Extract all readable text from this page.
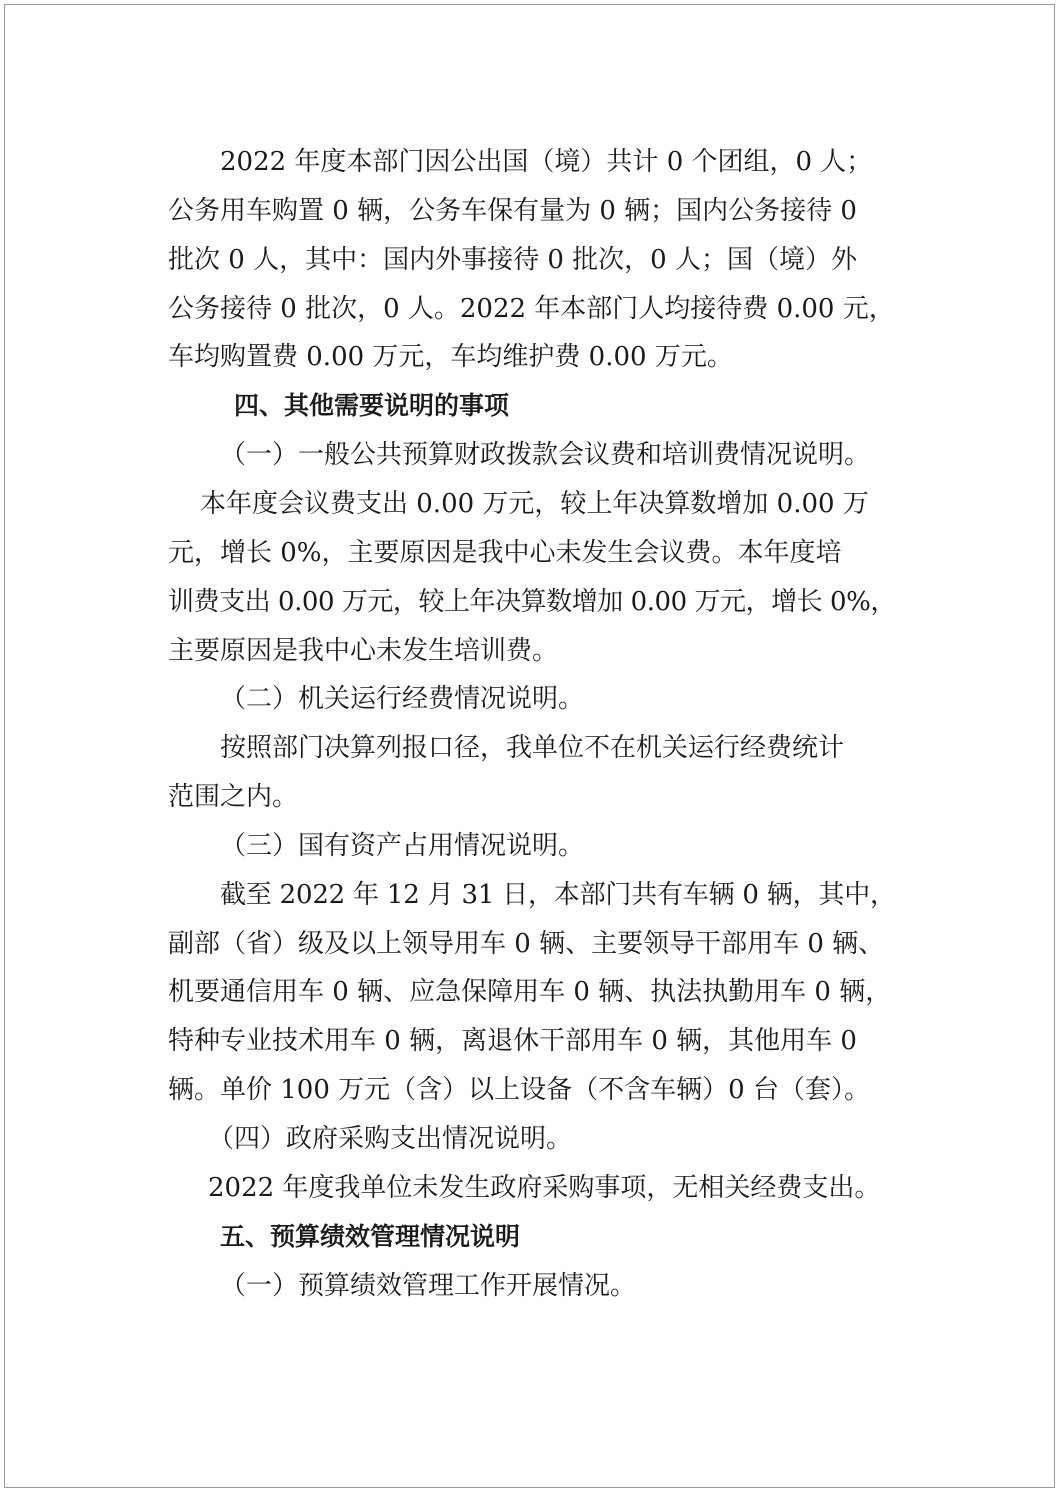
2022 年度本部门因公出国（境）共计 0 个团组，0 人；
公务用车购置 0 辆，公务车保有量为 0 辆；国内公务接待 0
批次 0 人，其中：国内外事接待 0 批次，0 人；国（境）外
公务接待 0 批次，0 人。2022 年本部门人均接待费 0.00 元，
车均购置费 0.00 万元，车均维护费 0.00 万元。
四、其他需要说明的事项
（一）一般公共预算财政拨款会议费和培训费情况说明。
本年度会议费支出 0.00 万元，较上年决算数增加 0.00 万
元，增长 0%，主要原因是我中心未发生会议费。本年度培
训费支出 0.00 万元，较上年决算数增加 0.00 万元，增长 0%，
主要原因是我中心未发生培训费。
（二）机关运行经费情况说明。
按照部门决算列报口径，我单位不在机关运行经费统计
范围之内。
（三）国有资产占用情况说明。
截至 2022 年 12 月 31 日，本部门共有车辆 0 辆，其中，
副部（省）级及以上领导用车 0 辆、主要领导干部用车 0 辆、
机要通信用车 0 辆、应急保障用车 0 辆、执法执勤用车 0 辆，
特种专业技术用车 0 辆，离退休干部用车 0 辆，其他用车 0
辆。单价 100 万元（含）以上设备（不含车辆）0 台（套）。
（四）政府采购支出情况说明。
2022 年度我单位未发生政府采购事项，无相关经费支出。
五、预算绩效管理情况说明
（一）预算绩效管理工作开展情况。
